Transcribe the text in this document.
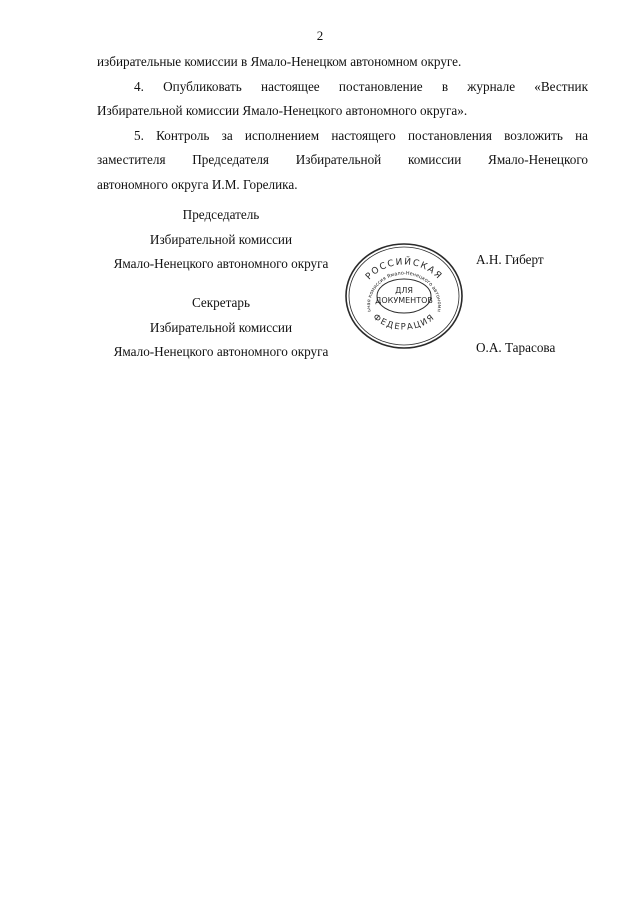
2
избирательные комиссии в Ямало-Ненецком автономном округе.
4. Опубликовать настоящее постановление в журнале «Вестник
Избирательной комиссии Ямало-Ненецкого автономного округа».
5. Контроль за исполнением настоящего постановления возложить на
заместителя Председателя Избирательной комиссии Ямало-Ненецкого
автономного округа И.М. Горелика.
Председатель
Избирательной комиссии
Ямало-Ненецкого автономного округа	А.Н. Гиберт
Секретарь
Избирательной комиссии
Ямало-Ненецкого автономного округа	О.А. Тарасова
РОССИЙСКАЯ
ФЕДЕРАЦИЯ
ьная комиссия Ямало-Ненецкого автономн
ДЛЯ
ДОКУМЕНТОВ
